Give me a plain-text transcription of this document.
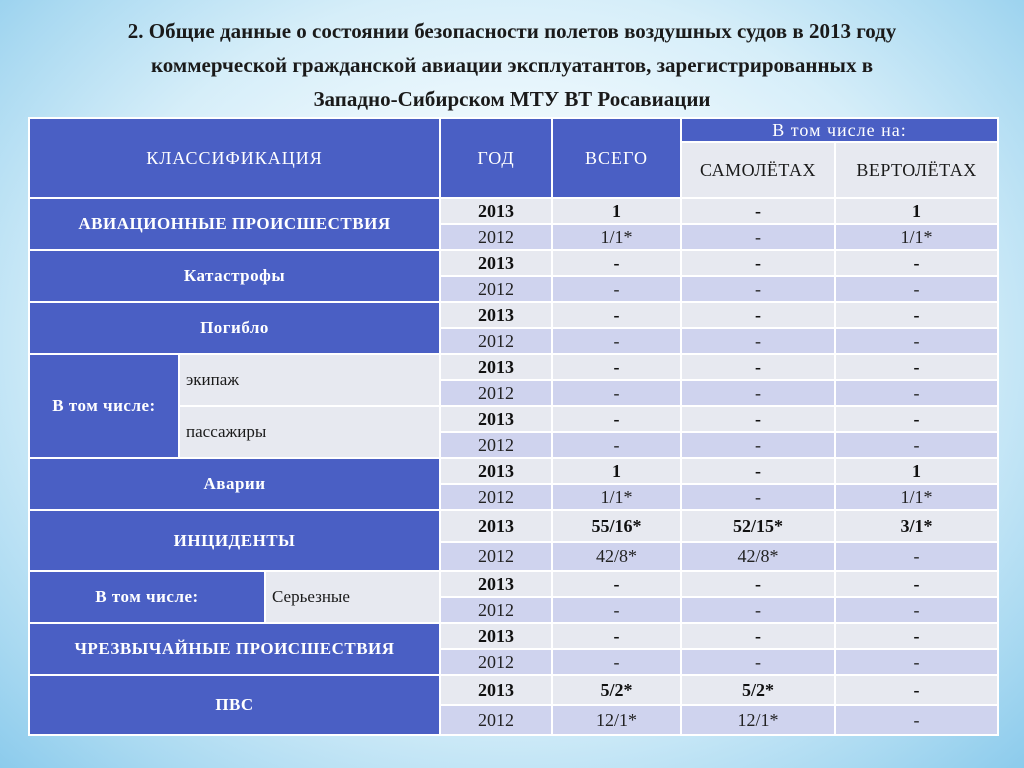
2. Общие данные о состоянии безопасности полетов воздушных судов в 2013 году
коммерческой гражданской авиации эксплуатантов, зарегистрированных в
Западно-Сибирском МТУ ВТ Росавиации
КЛАССИФИКАЦИЯ			ГОД	ВСЕГО	В том числе на:	
					САМОЛЁТАХ	ВЕРТОЛЁТАХ
АВИАЦИОННЫЕ ПРОИСШЕСТВИЯ			2013	1	-	1
			2012	1/1*	-	1/1*
Катастрофы			2013	-	-	-
			2012	-	-	-
Погибло			2013	-	-	-
			2012	-	-	-
В том числе:	экипаж		2013	-	-	-
			2012	-	-	-
	пассажиры		2013	-	-	-
			2012	-	-	-
Аварии			2013	1	-	1
			2012	1/1*	-	1/1*
ИНЦИДЕНТЫ			2013	55/16*	52/15*	3/1*
			2012	42/8*	42/8*	-
В том числе:		Серьезные	2013	-	-	-
			2012	-	-	-
ЧРЕЗВЫЧАЙНЫЕ ПРОИСШЕСТВИЯ			2013	-	-	-
			2012	-	-	-
ПВС			2013	5/2*	5/2*	-
			2012	12/1*	12/1*	-
